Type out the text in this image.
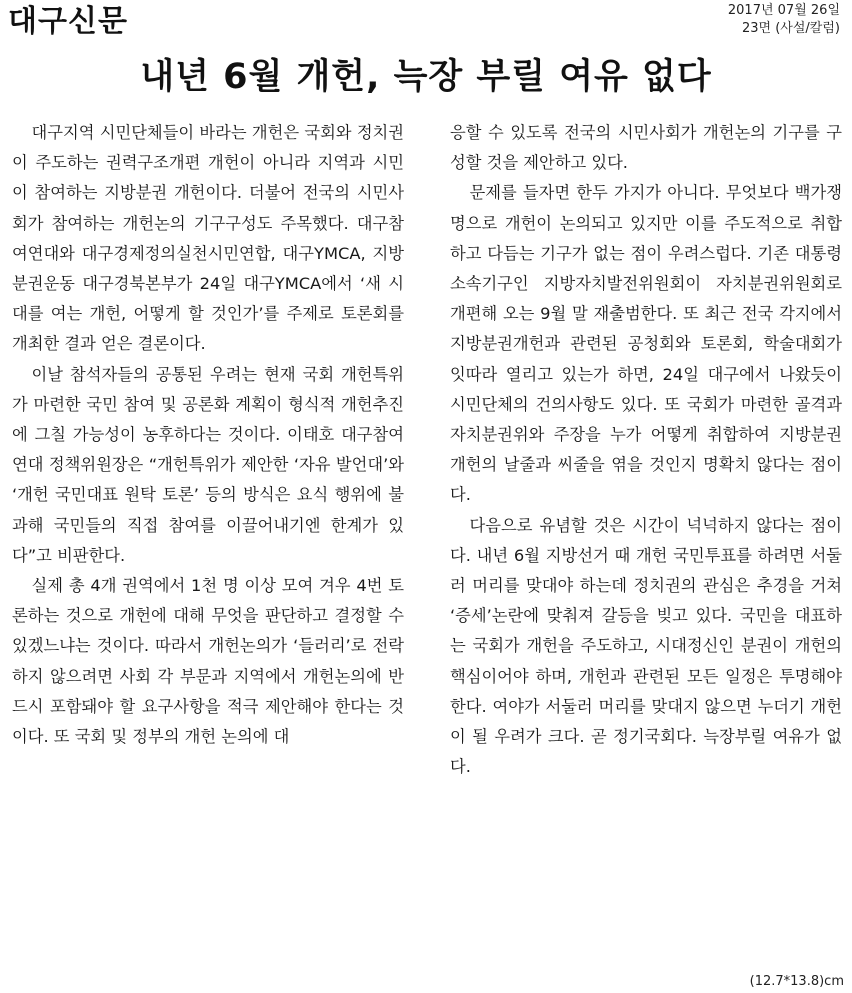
대구신문	2017년 07월 26일
23면 (사설/칼럼)
내년 6월 개헌, 늑장 부릴 여유 없다

대구지역 시민단체들이 바라는 개헌은 국회와 정치권이 주도하는 권력구조개편 개헌이 아니라 지역과 시민이 참여하는 지방분권 개헌이다. 더불어 전국의 시민사회가 참여하는 개헌논의 기구구성도 주목했다. 대구참여연대와 대구경제정의실천시민연합, 대구YMCA, 지방분권운동 대구경북본부가 24일 대구YMCA에서 ‘새 시대를 여는 개헌, 어떻게 할 것인가’를 주제로 토론회를 개최한 결과 얻은 결론이다.

이날 참석자들의 공통된 우려는 현재 국회 개헌특위가 마련한 국민 참여 및 공론화 계획이 형식적 개헌추진에 그칠 가능성이 농후하다는 것이다. 이태호 대구참여연대 정책위원장은 “개헌특위가 제안한 ‘자유 발언대’와 ‘개헌 국민대표 원탁 토론’ 등의 방식은 요식 행위에 불과해 국민들의 직접 참여를 이끌어내기엔 한계가 있다”고 비판한다.

실제 총 4개 권역에서 1천 명 이상 모여 겨우 4번 토론하는 것으로 개헌에 대해 무엇을 판단하고 결정할 수 있겠느냐는 것이다. 따라서 개헌논의가 ‘들러리’로 전락하지 않으려면 사회 각 부문과 지역에서 개헌논의에 반드시 포함돼야 할 요구사항을 적극 제안해야 한다는 것이다. 또 국회 및 정부의 개헌 논의에 대

응할 수 있도록 전국의 시민사회가 개헌논의 기구를 구성할 것을 제안하고 있다.

문제를 들자면 한두 가지가 아니다. 무엇보다 백가쟁명으로 개헌이 논의되고 있지만 이를 주도적으로 취합하고 다듬는 기구가 없는 점이 우려스럽다. 기존 대통령 소속기구인 지방자치발전위원회이 자치분권위원회로 개편해 오는 9월 말 재출범한다. 또 최근 전국 각지에서 지방분권개헌과 관련된 공청회와 토론회, 학술대회가 잇따라 열리고 있는가 하면, 24일 대구에서 나왔듯이 시민단체의 건의사항도 있다. 또 국회가 마련한 골격과 자치분권위와 주장을 누가 어떻게 취합하여 지방분권 개헌의 날줄과 씨줄을 엮을 것인지 명확치 않다는 점이다.

다음으로 유념할 것은 시간이 넉넉하지 않다는 점이다. 내년 6월 지방선거 때 개헌 국민투표를 하려면 서둘러 머리를 맞대야 하는데 정치권의 관심은 추경을 거쳐 ‘증세’논란에 맞춰져 갈등을 빚고 있다. 국민을 대표하는 국회가 개헌을 주도하고, 시대정신인 분권이 개헌의 핵심이어야 하며, 개헌과 관련된 모든 일정은 투명해야 한다. 여야가 서둘러 머리를 맞대지 않으면 누더기 개헌이 될 우려가 크다. 곧 정기국회다. 늑장부릴 여유가 없다.

(12.7*13.8)cm
